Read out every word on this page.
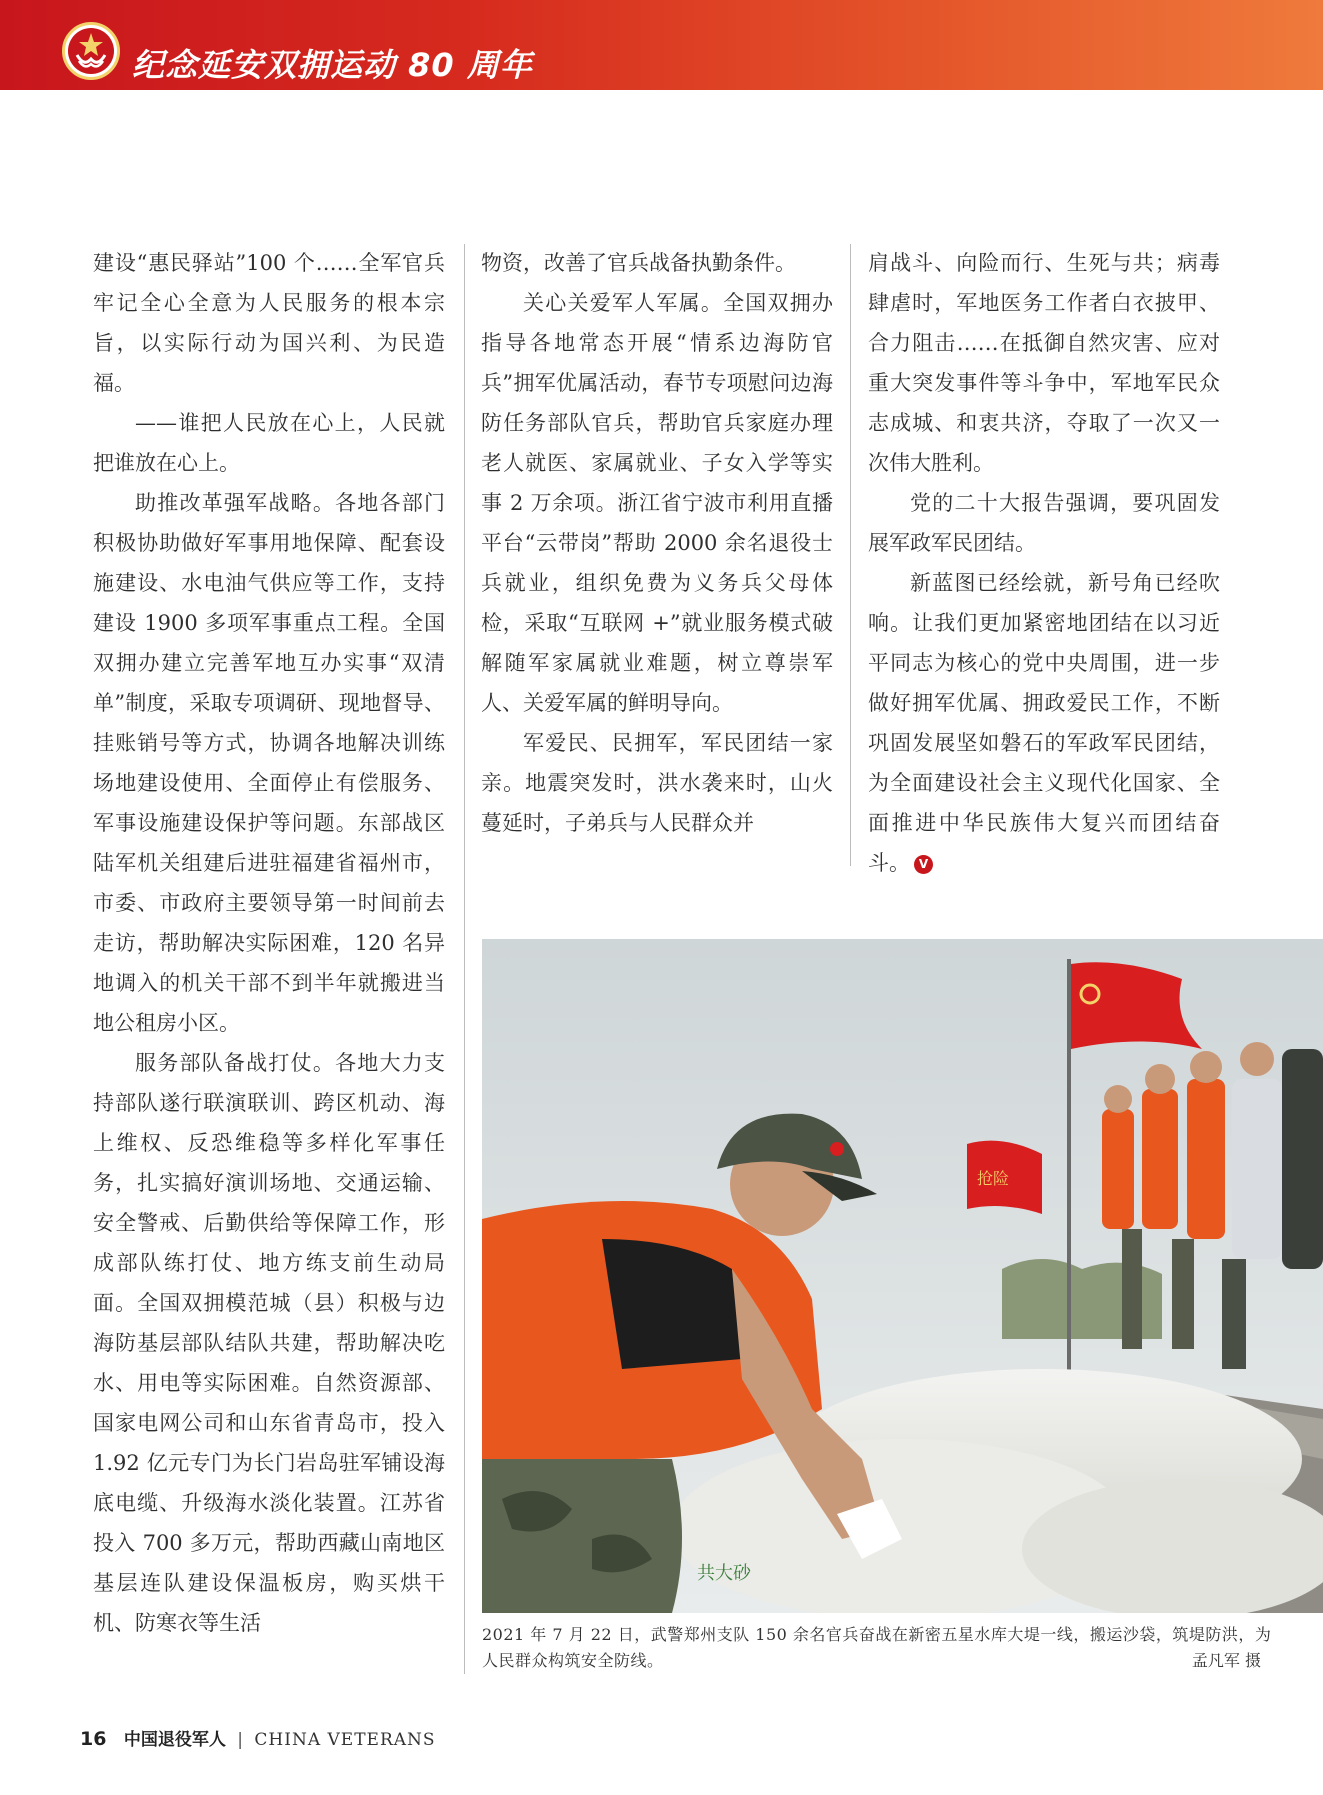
纪念延安双拥运动 80 周年

建设“惠民驿站”100 个……全军官兵牢记全心全意为人民服务的根本宗旨，以实际行动为国兴利、为民造福。

——谁把人民放在心上，人民就把谁放在心上。

助推改革强军战略。各地各部门积极协助做好军事用地保障、配套设施建设、水电油气供应等工作，支持建设 1900 多项军事重点工程。全国双拥办建立完善军地互办实事“双清单”制度，采取专项调研、现地督导、挂账销号等方式，协调各地解决训练场地建设使用、全面停止有偿服务、军事设施建设保护等问题。东部战区陆军机关组建后进驻福建省福州市，市委、市政府主要领导第一时间前去走访，帮助解决实际困难，120 名异地调入的机关干部不到半年就搬进当地公租房小区。

服务部队备战打仗。各地大力支持部队遂行联演联训、跨区机动、海上维权、反恐维稳等多样化军事任务，扎实搞好演训场地、交通运输、安全警戒、后勤供给等保障工作，形成部队练打仗、地方练支前生动局面。全国双拥模范城（县）积极与边海防基层部队结队共建，帮助解决吃水、用电等实际困难。自然资源部、国家电网公司和山东省青岛市，投入 1.92 亿元专门为长门岩岛驻军铺设海底电缆、升级海水淡化装置。江苏省投入 700 多万元，帮助西藏山南地区基层连队建设保温板房，购买烘干机、防寒衣等生活

物资，改善了官兵战备执勤条件。

关心关爱军人军属。全国双拥办指导各地常态开展“情系边海防官兵”拥军优属活动，春节专项慰问边海防任务部队官兵，帮助官兵家庭办理老人就医、家属就业、子女入学等实事 2 万余项。浙江省宁波市利用直播平台“云带岗”帮助 2000 余名退役士兵就业，组织免费为义务兵父母体检，采取“互联网 +”就业服务模式破解随军家属就业难题，树立尊崇军人、关爱军属的鲜明导向。

军爱民、民拥军，军民团结一家亲。地震突发时，洪水袭来时，山火蔓延时，子弟兵与人民群众并

肩战斗、向险而行、生死与共；病毒肆虐时，军地医务工作者白衣披甲、合力阻击……在抵御自然灾害、应对重大突发事件等斗争中，军地军民众志成城、和衷共济，夺取了一次又一次伟大胜利。

党的二十大报告强调，要巩固发展军政军民团结。

新蓝图已经绘就，新号角已经吹响。让我们更加紧密地团结在以习近平同志为核心的党中央周围，进一步做好拥军优属、拥政爱民工作，不断巩固发展坚如磐石的军政军民团结，为全面建设社会主义现代化国家、全面推进中华民族伟大复兴而团结奋斗。 V

抢险
共大砂
2021 年 7 月 22 日，武警郑州支队 150 余名官兵奋战在新密五星水库大堤一线，搬运沙袋，筑堤防洪，为人民群众构筑安全防线。	孟凡军 摄
16 中国退役军人 | CHINA VETERANS
